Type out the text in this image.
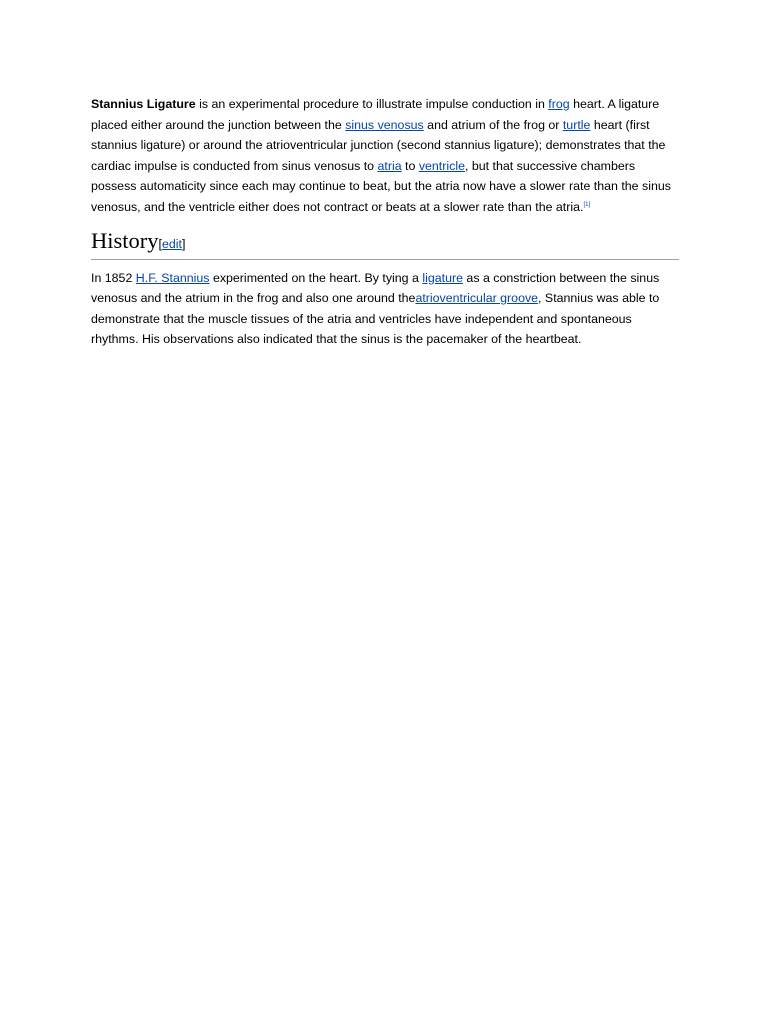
Stannius Ligature is an experimental procedure to illustrate impulse conduction in frog heart. A ligature placed either around the junction between the sinus venosus and atrium of the frog or turtle heart (first stannius ligature) or around the atrioventricular junction (second stannius ligature); demonstrates that the cardiac impulse is conducted from sinus venosus to atria to ventricle, but that successive chambers possess automaticity since each may continue to beat, but the atria now have a slower rate than the sinus venosus, and the ventricle either does not contract or beats at a slower rate than the atria.[1]

History[edit]

In 1852 H.F. Stannius experimented on the heart. By tying a ligature as a constriction between the sinus venosus and the atrium in the frog and also one around theatrioventricular groove, Stannius was able to demonstrate that the muscle tissues of the atria and ventricles have independent and spontaneous rhythms. His observations also indicated that the sinus is the pacemaker of the heartbeat.
